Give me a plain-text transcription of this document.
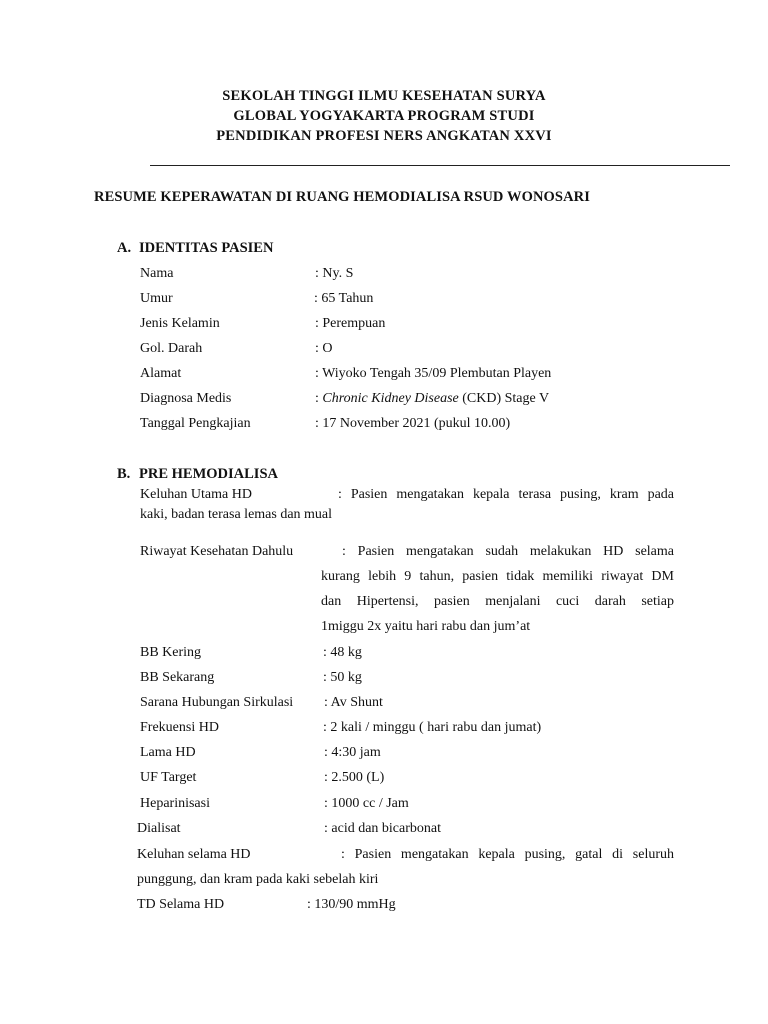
SEKOLAH TINGGI ILMU KESEHATAN SURYA
GLOBAL YOGYAKARTA PROGRAM STUDI
PENDIDIKAN PROFESI NERS ANGKATAN XXVI
RESUME KEPERAWATAN DI RUANG HEMODIALISA RSUD WONOSARI
A. IDENTITAS PASIEN
Nama	: Ny. S
Umur	: 65 Tahun
Jenis Kelamin	: Perempuan
Gol. Darah	: O
Alamat	: Wiyoko Tengah 35/09 Plembutan Playen
Diagnosa Medis	: Chronic Kidney Disease (CKD) Stage V
Tanggal Pengkajian	: 17 November 2021 (pukul 10.00)
B. PRE HEMODIALISA
Keluhan Utama HD	: Pasien mengatakan kepala terasa pusing, kram pada
kaki, badan terasa lemas dan mual
Riwayat Kesehatan Dahulu	: Pasien mengatakan sudah melakukan HD selama
kurang lebih 9 tahun, pasien tidak memiliki riwayat DM
dan Hipertensi, pasien menjalani cuci darah setiap
1miggu 2x yaitu hari rabu dan jum’at
BB Kering	: 48 kg
BB Sekarang	: 50 kg
Sarana Hubungan Sirkulasi : Av Shunt
Frekuensi HD	: 2 kali / minggu ( hari rabu dan jumat)
Lama HD	: 4:30 jam
UF Target	: 2.500 (L)
Heparinisasi	: 1000 cc / Jam
Dialisat	: acid dan bicarbonat
Keluhan selama HD	: Pasien mengatakan kepala pusing, gatal di seluruh
punggung, dan kram pada kaki sebelah kiri
TD Selama HD	: 130/90 mmHg
